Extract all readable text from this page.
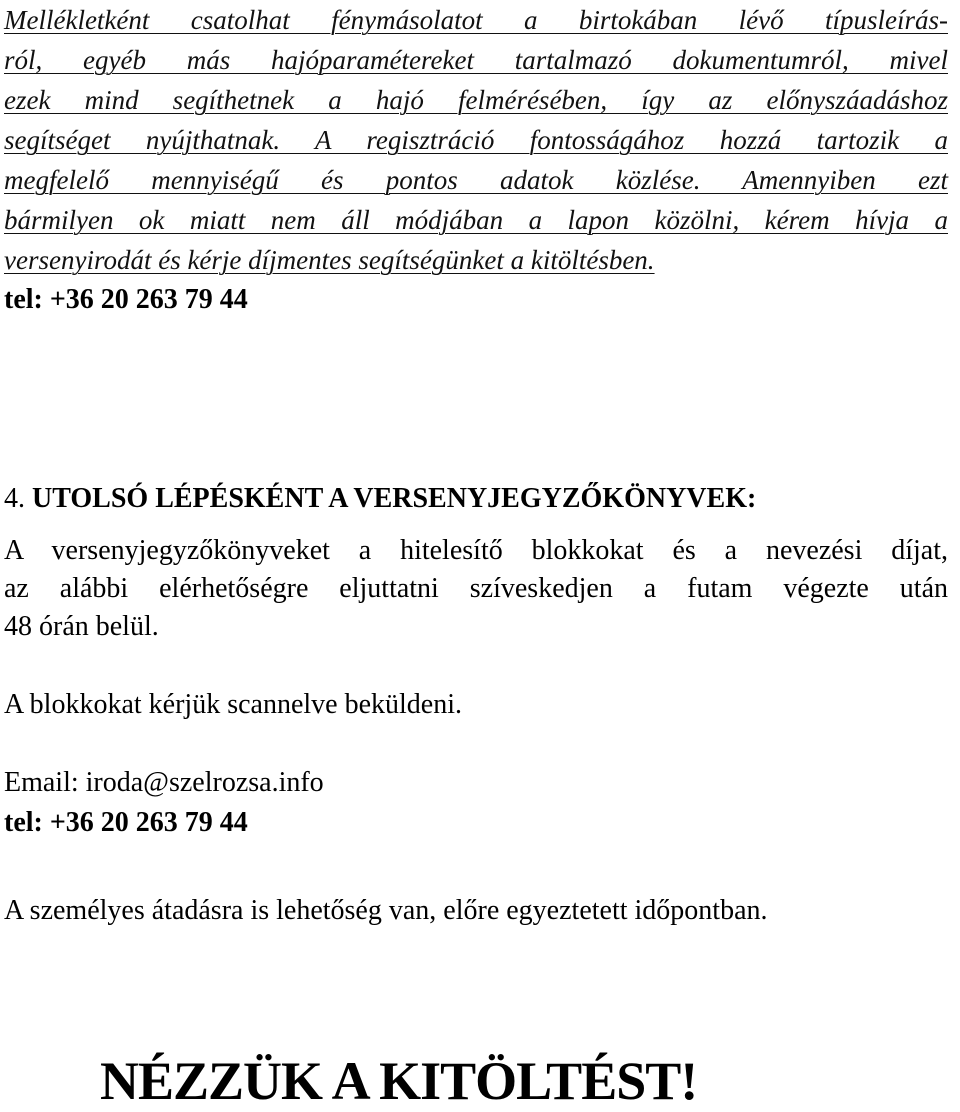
Mellékletként csatolhat fénymásolatot a birtokában lévő típusleírás-
ról, egyéb más hajóparamétereket tartalmazó dokumentumról, mivel
ezek mind segíthetnek a hajó felmérésében, így az előnyszáadáshoz
segítséget nyújthatnak. A regisztráció fontosságához hozzá tartozik a
megfelelő mennyiségű és pontos adatok közlése. Amennyiben ezt
bármilyen ok miatt nem áll módjában a lapon közölni, kérem hívja a
versenyirodát és kérje díjmentes segítségünket a kitöltésben.
tel: +36 20 263 79 44
4. UTOLSÓ LÉPÉSKÉNT A VERSENYJEGYZŐKÖNYVEK:
A versenyjegyzőkönyveket a hitelesítő blokkokat és a nevezési díjat,
az alábbi elérhetőségre eljuttatni szíveskedjen a futam végezte után
48 órán belül.
A blokkokat kérjük scannelve beküldeni.
Email: iroda@szelrozsa.info
tel: +36 20 263 79 44
A személyes átadásra is lehetőség van, előre egyeztetett időpontban.
NÉZZÜK A KITÖLTÉST!
